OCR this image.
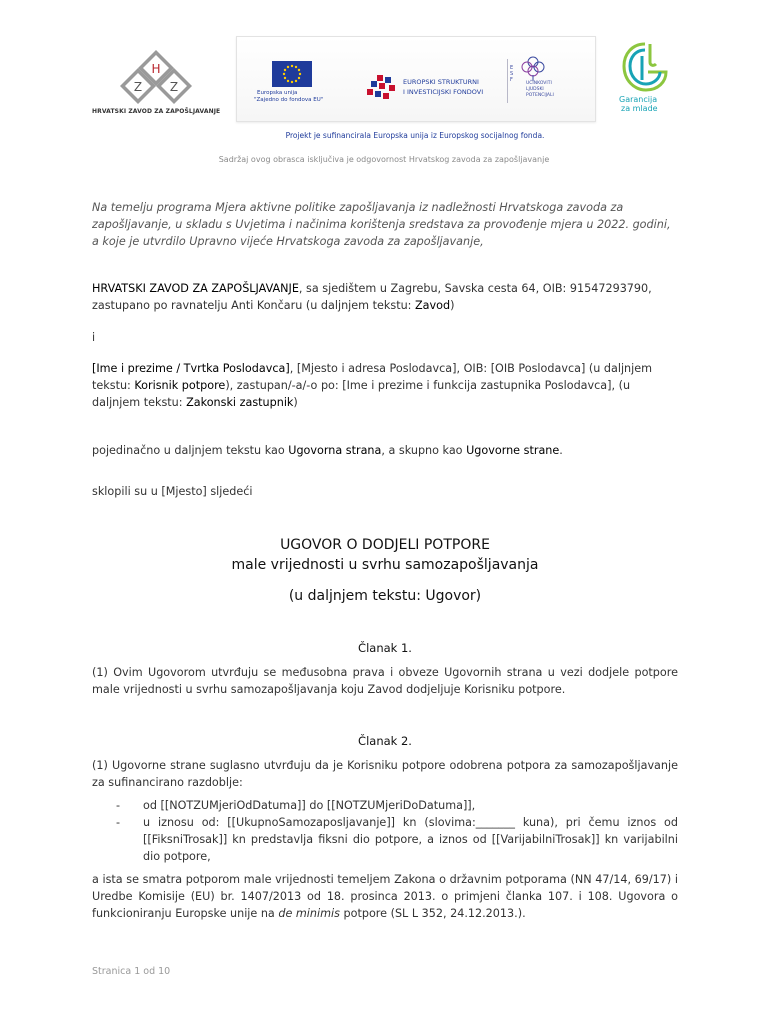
H
Z Z
HRVATSKI ZAVOD ZA ZAPOŠLJAVANJE
Europska unija
"Zajedno do fondova EU"
EUROPSKI STRUKTURNI
I INVESTICIJSKI FONDOVI
E
S
F
UČINKOVITI
LJUDSKI
POTENCIJALI	Garancija
za mlade
Projekt je sufinancirala Europska unija iz Europskog socijalnog fonda.
Sadržaj ovog obrasca isključiva je odgovornost Hrvatskog zavoda za zapošljavanje
Na temelju programa Mjera aktivne politike zapošljavanja iz nadležnosti Hrvatskoga zavoda za zapošljavanje, u skladu s Uvjetima i načinima korištenja sredstava za provođenje mjera u 2022. godini, a koje je utvrdilo Upravno vijeće Hrvatskoga zavoda za zapošljavanje,
HRVATSKI ZAVOD ZA ZAPOŠLJAVANJE, sa sjedištem u Zagrebu, Savska cesta 64, OIB: 91547293790, zastupano po ravnatelju Anti Končaru (u daljnjem tekstu: Zavod)
i
[Ime i prezime / Tvrtka Poslodavca], [Mjesto i adresa Poslodavca], OIB: [OIB Poslodavca] (u daljnjem tekstu: Korisnik potpore), zastupan/-a/-o po: [Ime i prezime i funkcija zastupnika Poslodavca], (u daljnjem tekstu: Zakonski zastupnik)
pojedinačno u daljnjem tekstu kao Ugovorna strana, a skupno kao Ugovorne strane.
sklopili su u [Mjesto] sljedeći
UGOVOR O DODJELI POTPORE
male vrijednosti u svrhu samozapošljavanja
(u daljnjem tekstu: Ugovor)
Članak 1.
(1) Ovim Ugovorom utvrđuju se međusobna prava i obveze Ugovornih strana u vezi dodjele potpore male vrijednosti u svrhu samozapošljavanja koju Zavod dodjeljuje Korisniku potpore.
Članak 2.
(1) Ugovorne strane suglasno utvrđuju da je Korisniku potpore odobrena potpora za samozapošljavanje za sufinancirano razdoblje:
- od [[NOTZUMjeriOdDatuma]] do [[NOTZUMjeriDoDatuma]],
- u iznosu od: [[UkupnoSamozaposljavanje]] kn (slovima:_______ kuna), pri čemu iznos od [[FiksniTrosak]] kn predstavlja fiksni dio potpore, a iznos od [[VarijabilniTrosak]] kn varijabilni dio potpore,
a ista se smatra potporom male vrijednosti temeljem Zakona o državnim potporama (NN 47/14, 69/17) i Uredbe Komisije (EU) br. 1407/2013 od 18. prosinca 2013. o primjeni članka 107. i 108. Ugovora o funkcioniranju Europske unije na de minimis potpore (SL L 352, 24.12.2013.).
Stranica 1 od 10
